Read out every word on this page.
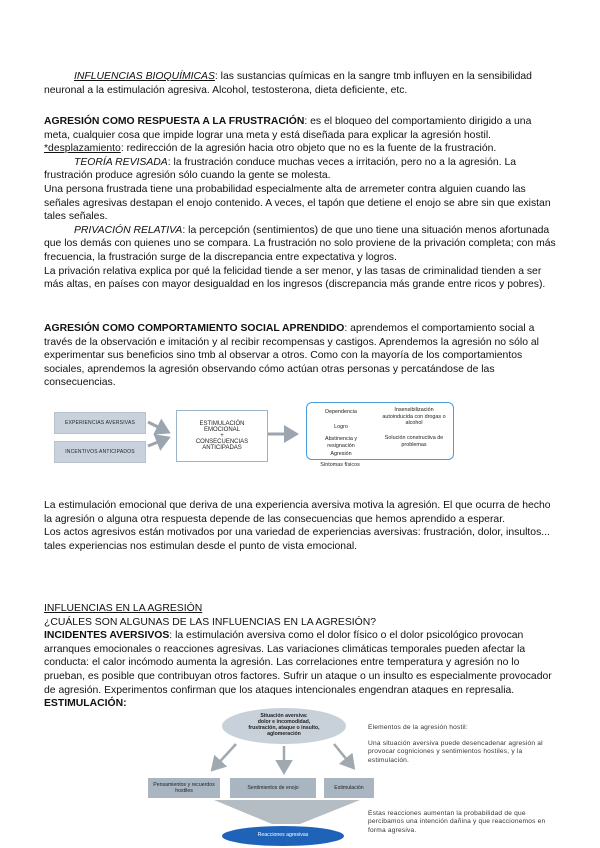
INFLUENCIAS BIOQUÍMICAS: las sustancias químicas en la sangre tmb influyen en la sensibilidad neuronal a la estimulación agresiva. Alcohol, testosterona, dieta deficiente, etc.
AGRESIÓN COMO RESPUESTA A LA FRUSTRACIÓN: es el bloqueo del comportamiento dirigido a una meta, cualquier cosa que impide lograr una meta y está diseñada para explicar la agresión hostil.
*desplazamiento: redirección de la agresión hacia otro objeto que no es la fuente de la frustración.
TEORÍA REVISADA: la frustración conduce muchas veces a irritación, pero no a la agresión. La frustración produce agresión sólo cuando la gente se molesta.
Una persona frustrada tiene una probabilidad especialmente alta de arremeter contra alguien cuando las señales agresivas destapan el enojo contenido. A veces, el tapón que detiene el enojo se abre sin que existan tales señales.
PRIVACIÓN RELATIVA: la percepción (sentimientos) de que uno tiene una situación menos afortunada que los demás con quienes uno se compara. La frustración no solo proviene de la privación completa; con más frecuencia, la frustración surge de la discrepancia entre expectativa y logros.
La privación relativa explica por qué la felicidad tiende a ser menor, y las tasas de criminalidad tienden a ser más altas, en países con mayor desigualdad en los ingresos (discrepancia más grande entre ricos y pobres).
AGRESIÓN COMO COMPORTAMIENTO SOCIAL APRENDIDO: aprendemos el comportamiento social a través de la observación e imitación y al recibir recompensas y castigos. Aprendemos la agresión no sólo al experimentar sus beneficios sino tmb al observar a otros. Como con la mayoría de los comportamientos sociales, aprendemos la agresión observando cómo actúan otras personas y percatándose de las consecuencias.
EXPERIENCIAS AVERSIVAS
INCENTIVOS ANTICIPADOS
ESTIMULACIÓN
EMOCIONAL
+
CONSECUENCIAS
ANTICIPADAS
Dependencia
Logro
Abstinencia y resignación
Agresión
Insensibilización autoinducida con drogas o alcohol
Solución constructiva de problemas
Síntomas físicos
La estimulación emocional que deriva de una experiencia aversiva motiva la agresión. El que ocurra de hecho la agresión o alguna otra respuesta depende de las consecuencias que hemos aprendido a esperar.
Los actos agresivos están motivados por una variedad de experiencias aversivas: frustración, dolor, insultos... tales experiencias nos estimulan desde el punto de vista emocional.
INFLUENCIAS EN LA AGRESIÓN
¿CUÁLES SON ALGUNAS DE LAS INFLUENCIAS EN LA AGRESIÓN?
INCIDENTES AVERSIVOS: la estimulación aversiva como el dolor físico o el dolor psicológico provocan arranques emocionales o reacciones agresivas. Las variaciones climáticas temporales pueden afectar la conducta: el calor incómodo aumenta la agresión. Las correlaciones entre temperatura y agresión no lo prueban, es posible que contribuyan otros factores. Sufrir un ataque o un insulto es especialmente provocador de agresión. Experimentos confirman que los ataques intencionales engendran ataques en represalia.
ESTIMULACIÓN:
Situación aversiva:
dolor e incomodidad,
frustración, ataque o insulto,
aglomeración
Pensamientos y recuerdos hostiles	Sentimientos de enojo	Estimulación
Reacciones agresivas
Elementos de la agresión hostil:
Una situación aversiva puede desencadenar agresión al provocar cogniciones y sentimientos hostiles, y la estimulación.
Estas reacciones aumentan la probabilidad de que percibamos una intención dañina y que reaccionemos en forma agresiva.
